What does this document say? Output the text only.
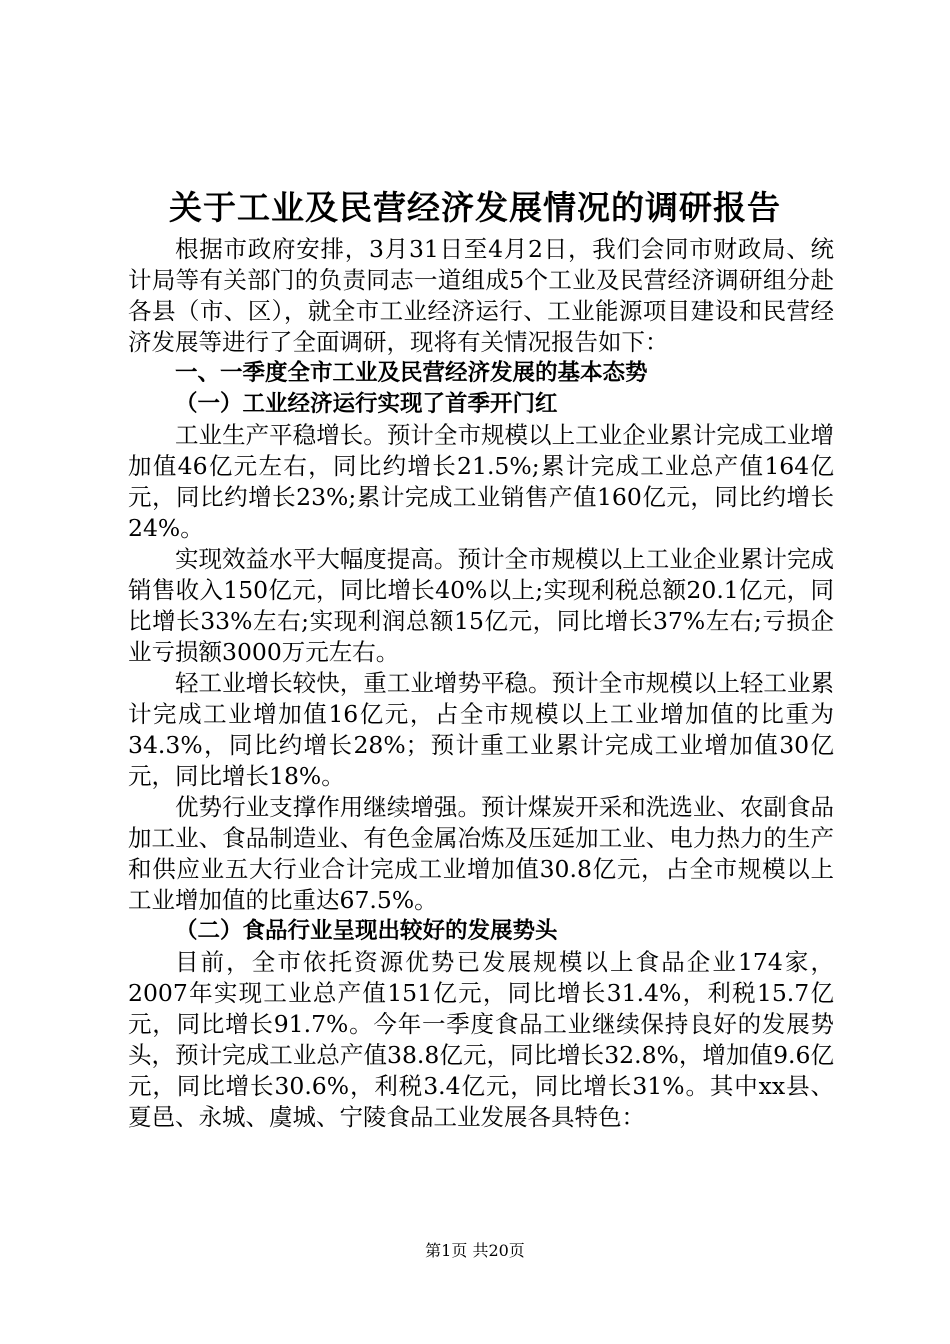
关于工业及民营经济发展情况的调研报告

根据市政府安排，3月31日至4月2日，我们会同市财政局、统计局等有关部门的负责同志一道组成5个工业及民营经济调研组分赴各县（市、区），就全市工业经济运行、工业能源项目建设和民营经济发展等进行了全面调研，现将有关情况报告如下：

一、一季度全市工业及民营经济发展的基本态势

（一）工业经济运行实现了首季开门红

工业生产平稳增长。预计全市规模以上工业企业累计完成工业增加值46亿元左右，同比约增长21.5%;累计完成工业总产值164亿元，同比约增长23%;累计完成工业销售产值160亿元，同比约增长24%。

实现效益水平大幅度提高。预计全市规模以上工业企业累计完成销售收入150亿元，同比增长40%以上;实现利税总额20.1亿元，同比增长33%左右;实现利润总额15亿元，同比增长37%左右;亏损企业亏损额3000万元左右。

轻工业增长较快，重工业增势平稳。预计全市规模以上轻工业累计完成工业增加值16亿元，占全市规模以上工业增加值的比重为34.3%，同比约增长28%；预计重工业累计完成工业增加值30亿元，同比增长18%。

优势行业支撑作用继续增强。预计煤炭开采和洗选业、农副食品加工业、食品制造业、有色金属冶炼及压延加工业、电力热力的生产和供应业五大行业合计完成工业增加值30.8亿元，占全市规模以上工业增加值的比重达67.5%。

（二）食品行业呈现出较好的发展势头

目前，全市依托资源优势已发展规模以上食品企业174家，2007年实现工业总产值151亿元，同比增长31.4%，利税15.7亿元，同比增长91.7%。今年一季度食品工业继续保持良好的发展势头，预计完成工业总产值38.8亿元，同比增长32.8%，增加值9.6亿元，同比增长30.6%，利税3.4亿元，同比增长31%。其中xx县、夏邑、永城、虞城、宁陵食品工业发展各具特色：

第1页 共20页
